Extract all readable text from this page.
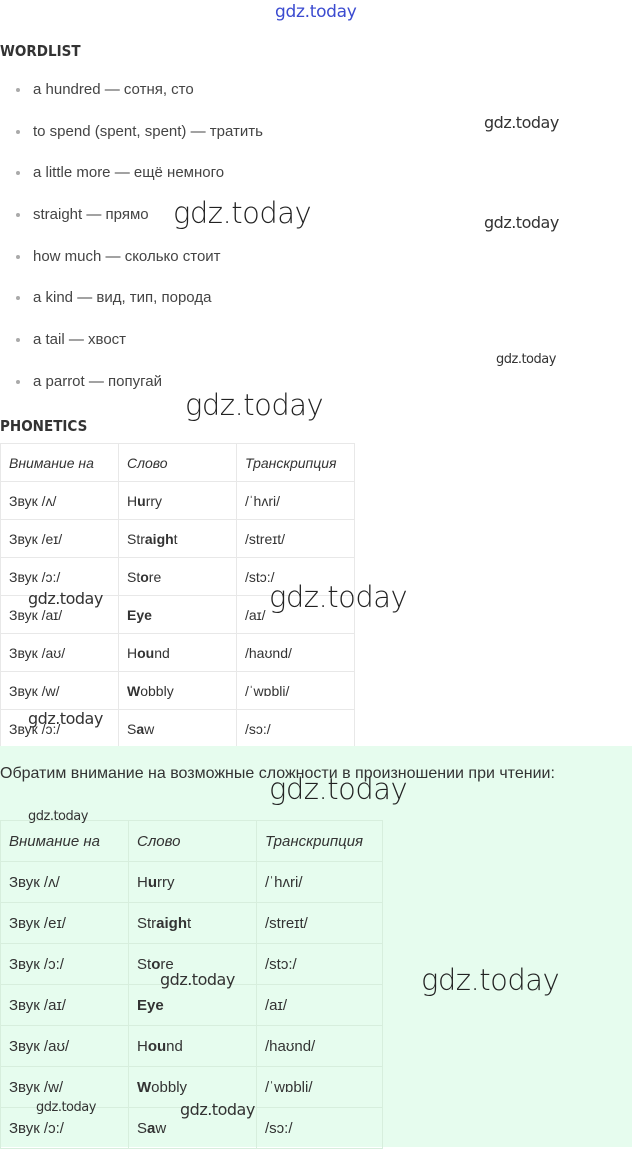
gdz.today
WORDLIST
a hundred — сотня, сто
to spend (spent, spent) — тратить
a little more — ещё немного
straight — прямо
how much — сколько стоит
a kind — вид, тип, порода
a tail — хвост
a parrot — попугай
PHONETICS
Внимание на	Слово	Транскрипция
Звук /ʌ/	Hurry	/ˈhʌri/
Звук /eɪ/	Straight	/streɪt/
Звук /ɔ:/	Store	/stɔ:/
Звук /aɪ/	Eye	/aɪ/
Звук /aʊ/	Hound	/haʊnd/
Звук /w/	Wobbly	/ˈwɒbli/
Звук /ɔ:/	Saw	/sɔ:/
Обратим внимание на возможные сложности в произношении при чтении:
Внимание на	Слово	Транскрипция
Звук /ʌ/	Hurry	/ˈhʌri/
Звук /eɪ/	Straight	/streɪt/
Звук /ɔ:/	Store	/stɔ:/
Звук /aɪ/	Eye	/aɪ/
Звук /aʊ/	Hound	/haʊnd/
Звук /w/	Wobbly	/ˈwɒbli/
Звук /ɔ:/	Saw	/sɔ:/
gdz.today
gdz.today	gdz.today
gdz.today
gdz.today
gdz.today	gdz.today
gdz.today
gdz.today
gdz.today
gdz.today	gdz.today
gdz.today	gdz.today
